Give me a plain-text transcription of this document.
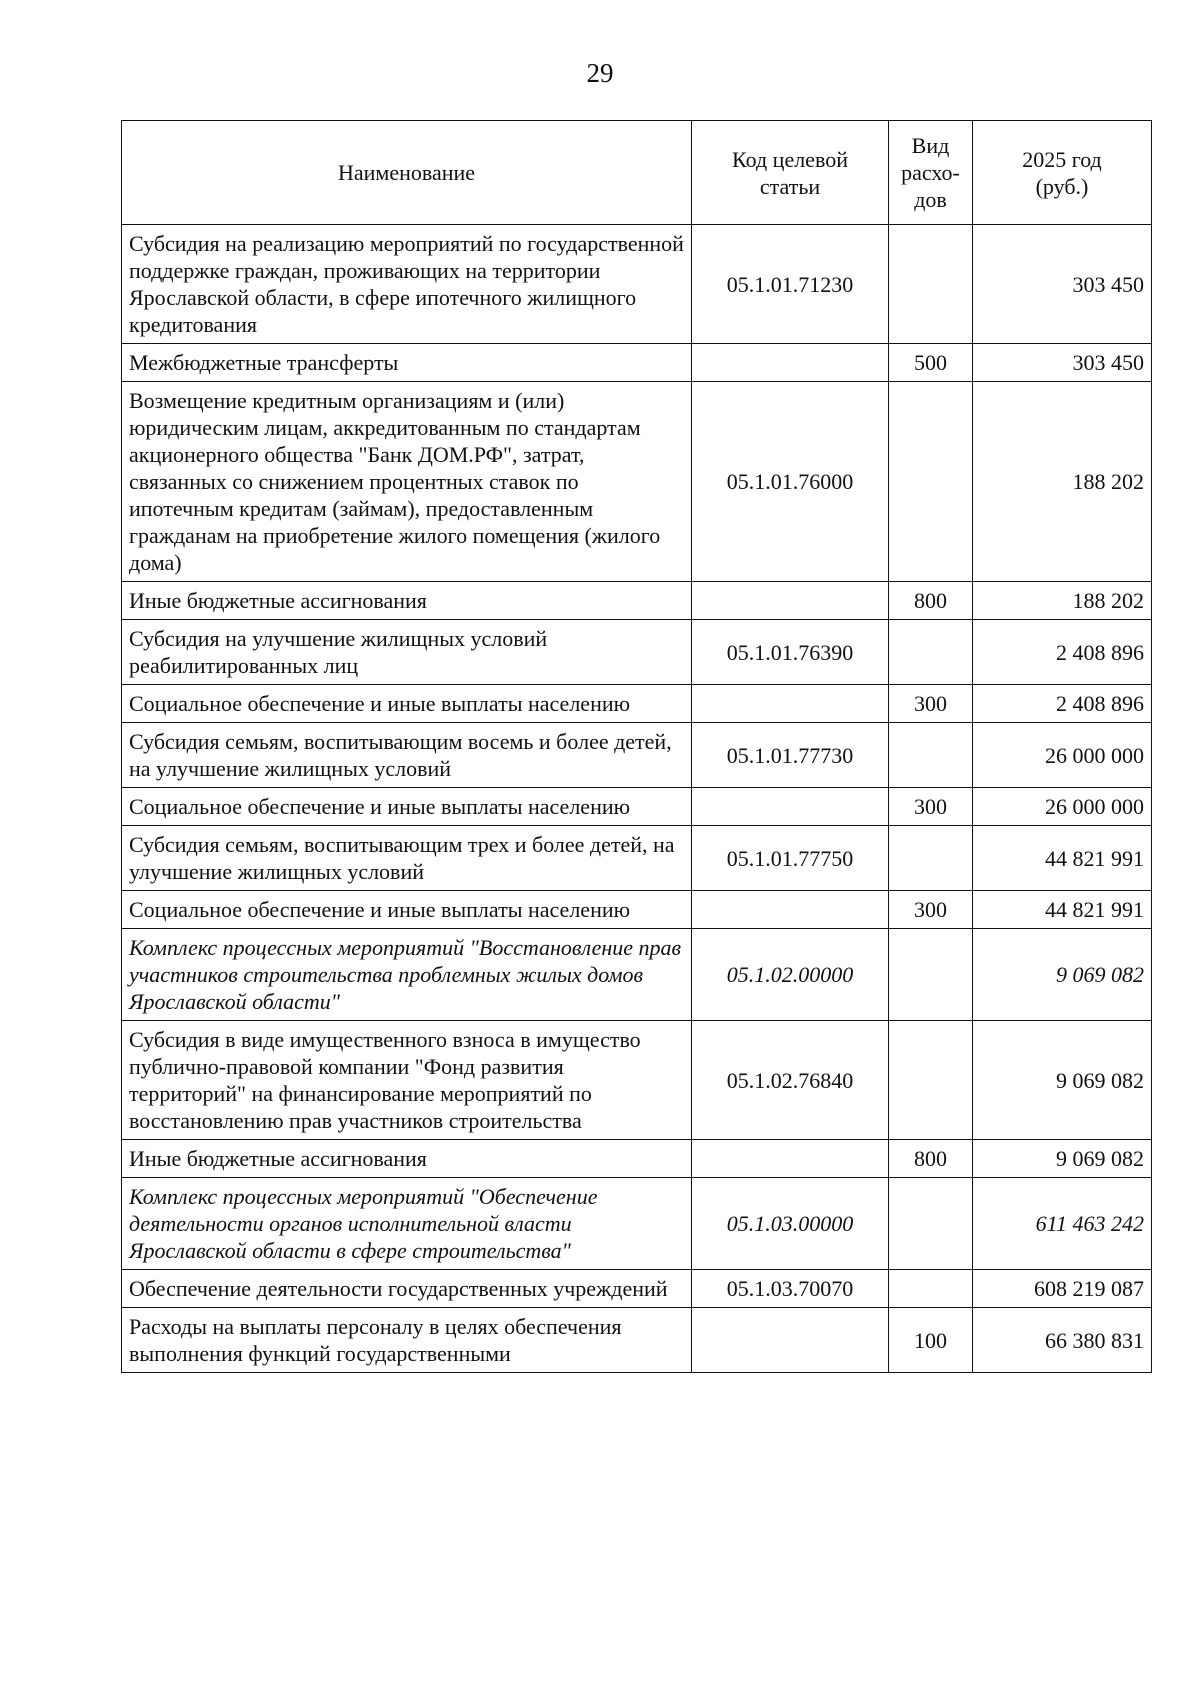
29
Наименование	Код целевой статьи	Вид расхо-дов	2025 год (руб.)
Субсидия на реализацию мероприятий по государственной поддержке граждан, проживающих на территории Ярославской области, в сфере ипотечного жилищного кредитования	05.1.01.71230		303 450
Межбюджетные трансферты		500	303 450
Возмещение кредитным организациям и (или) юридическим лицам, аккредитованным по стандартам акционерного общества "Банк ДОМ.РФ", затрат, связанных со снижением процентных ставок по ипотечным кредитам (займам), предоставленным гражданам на приобретение жилого помещения (жилого дома)	05.1.01.76000		188 202
Иные бюджетные ассигнования		800	188 202
Субсидия на улучшение жилищных условий реабилитированных лиц	05.1.01.76390		2 408 896
Социальное обеспечение и иные выплаты населению		300	2 408 896
Субсидия семьям, воспитывающим восемь и более детей, на улучшение жилищных условий	05.1.01.77730		26 000 000
Социальное обеспечение и иные выплаты населению		300	26 000 000
Субсидия семьям, воспитывающим трех и более детей, на улучшение жилищных условий	05.1.01.77750		44 821 991
Социальное обеспечение и иные выплаты населению		300	44 821 991
Комплекс процессных мероприятий "Восстановление прав участников строительства проблемных жилых домов Ярославской области"	05.1.02.00000		9 069 082
Субсидия в виде имущественного взноса в имущество публично-правовой компании "Фонд развития территорий" на финансирование мероприятий по восстановлению прав участников строительства	05.1.02.76840		9 069 082
Иные бюджетные ассигнования		800	9 069 082
Комплекс процессных мероприятий "Обеспечение деятельности органов исполнительной власти Ярославской области в сфере строительства"	05.1.03.00000		611 463 242
Обеспечение деятельности государственных учреждений	05.1.03.70070		608 219 087
Расходы на выплаты персоналу в целях обеспечения выполнения функций государственными		100	66 380 831
